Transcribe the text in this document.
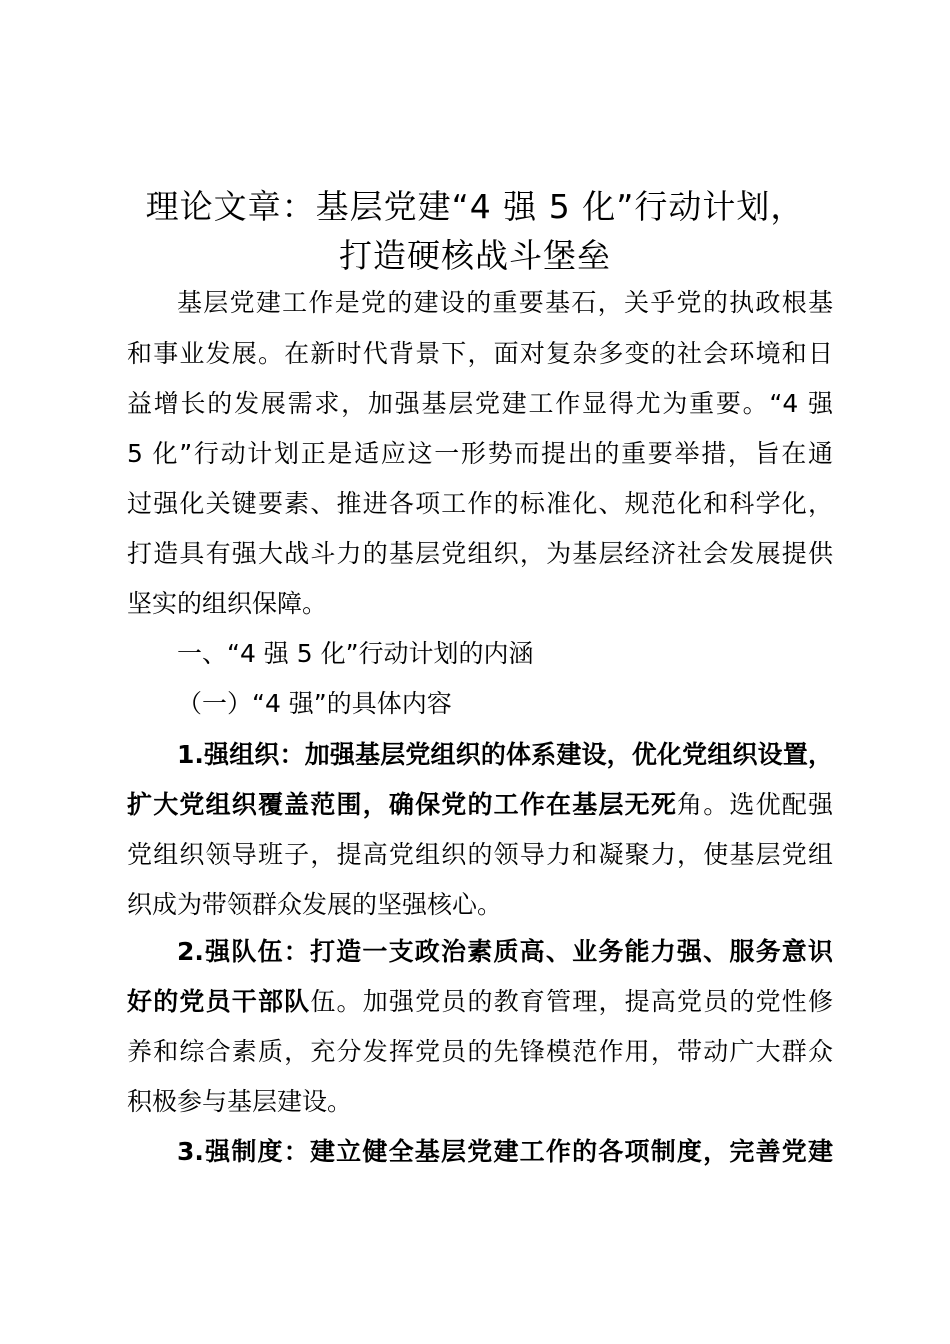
理论文章：基层党建“4 强 5 化”行动计划，
打造硬核战斗堡垒

基层党建工作是党的建设的重要基石，关乎党的执政根基

和事业发展。在新时代背景下，面对复杂多变的社会环境和日

益增长的发展需求，加强基层党建工作显得尤为重要。“4 强

5 化”行动计划正是适应这一形势而提出的重要举措，旨在通

过强化关键要素、推进各项工作的标准化、规范化和科学化，

打造具有强大战斗力的基层党组织，为基层经济社会发展提供

坚实的组织保障。

一、“4 强 5 化”行动计划的内涵

（一）“4 强”的具体内容

1.强组织：加强基层党组织的体系建设，优化党组织设置，

扩大党组织覆盖范围，确保党的工作在基层无死角。选优配强

党组织领导班子，提高党组织的领导力和凝聚力，使基层党组

织成为带领群众发展的坚强核心。

2.强队伍：打造一支政治素质高、业务能力强、服务意识

好的党员干部队伍。加强党员的教育管理，提高党员的党性修

养和综合素质，充分发挥党员的先锋模范作用，带动广大群众

积极参与基层建设。

3.强制度：建立健全基层党建工作的各项制度，完善党建
